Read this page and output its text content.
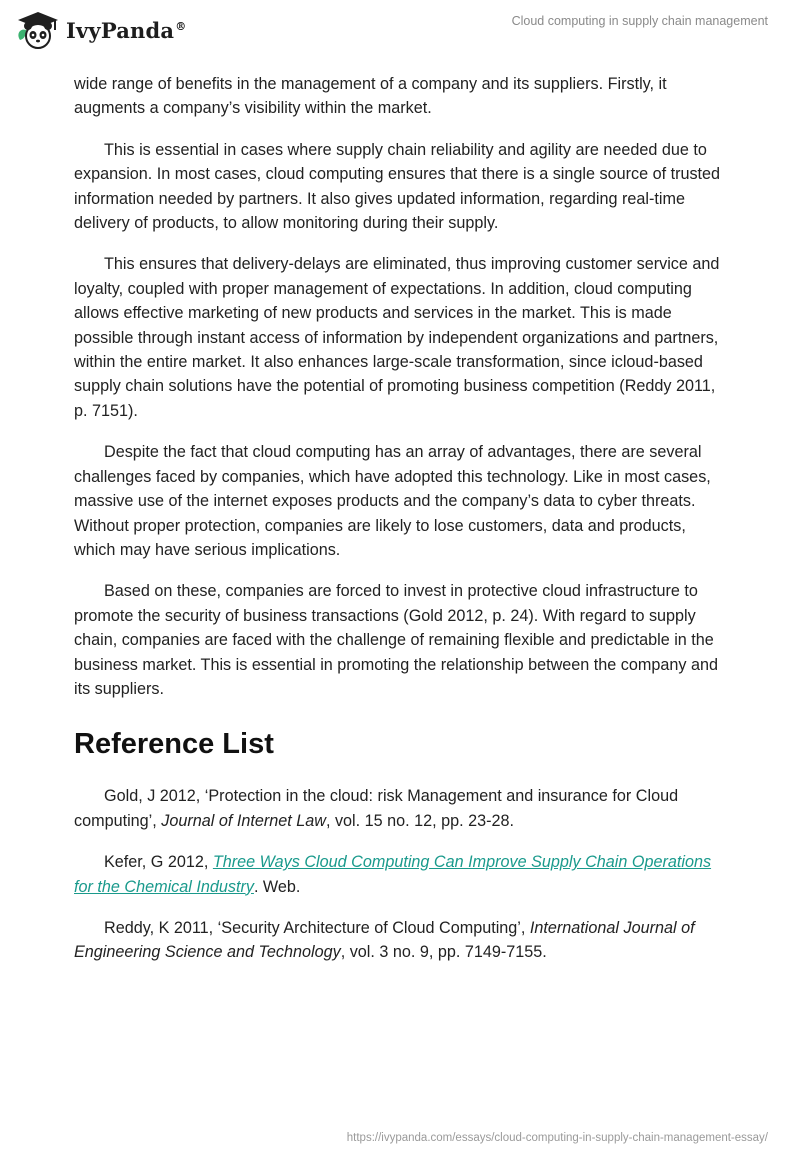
IvyPanda®	Cloud computing in supply chain management

wide range of benefits in the management of a company and its suppliers. Firstly, it augments a company’s visibility within the market.

This is essential in cases where supply chain reliability and agility are needed due to expansion. In most cases, cloud computing ensures that there is a single source of trusted information needed by partners. It also gives updated information, regarding real-time delivery of products, to allow monitoring during their supply.

This ensures that delivery-delays are eliminated, thus improving customer service and loyalty, coupled with proper management of expectations. In addition, cloud computing allows effective marketing of new products and services in the market. This is made possible through instant access of information by independent organizations and partners, within the entire market. It also enhances large-scale transformation, since icloud-based supply chain solutions have the potential of promoting business competition (Reddy 2011, p. 7151).

Despite the fact that cloud computing has an array of advantages, there are several challenges faced by companies, which have adopted this technology. Like in most cases, massive use of the internet exposes products and the company’s data to cyber threats. Without proper protection, companies are likely to lose customers, data and products, which may have serious implications.

Based on these, companies are forced to invest in protective cloud infrastructure to promote the security of business transactions (Gold 2012, p. 24). With regard to supply chain, companies are faced with the challenge of remaining flexible and predictable in the business market. This is essential in promoting the relationship between the company and its suppliers.

Reference List

Gold, J 2012, ‘Protection in the cloud: risk Management and insurance for Cloud computing’, Journal of Internet Law, vol. 15 no. 12, pp. 23-28.

Kefer, G 2012, Three Ways Cloud Computing Can Improve Supply Chain Operations for the Chemical Industry. Web.

Reddy, K 2011, ‘Security Architecture of Cloud Computing’, International Journal of Engineering Science and Technology, vol. 3 no. 9, pp. 7149-7155.

https://ivypanda.com/essays/cloud-computing-in-supply-chain-management-essay/
